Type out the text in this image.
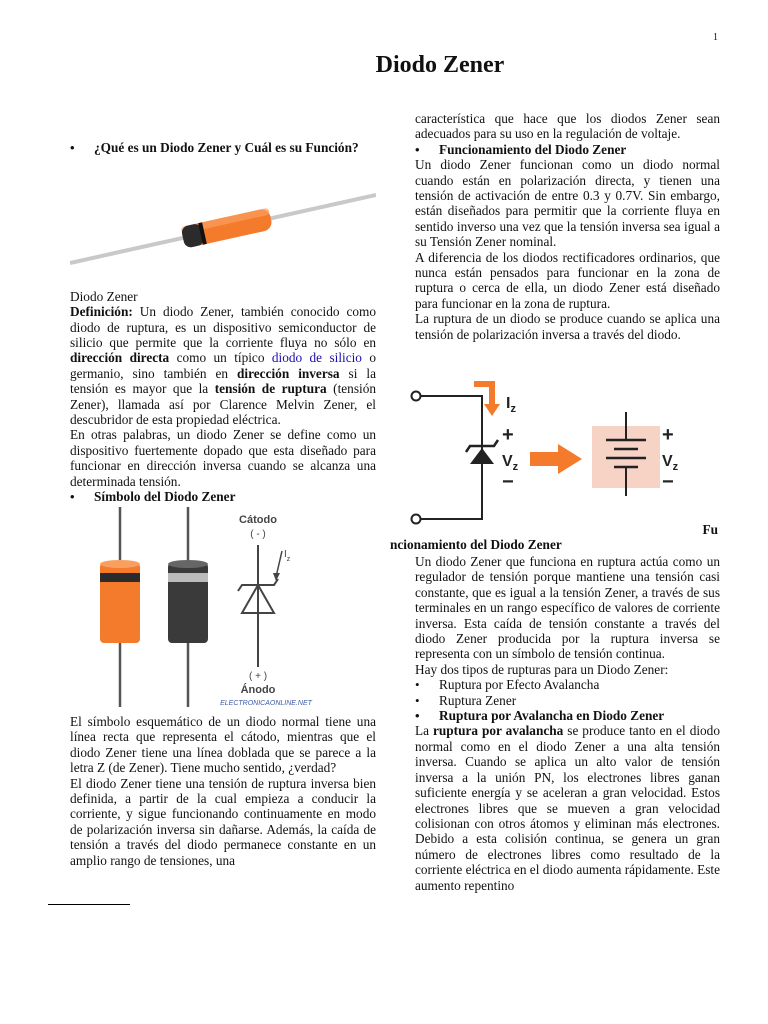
1
Diodo Zener
• ¿Qué es un Diodo Zener y Cuál es su Función?

Diodo Zener

Definición: Un diodo Zener, también conocido como diodo de ruptura, es un dispositivo semiconductor de silicio que permite que la corriente fluya no sólo en dirección directa como un típico diodo de silicio o germanio, sino también en dirección inversa si la tensión es mayor que la tensión de ruptura (tensión Zener), llamada así por Clarence Melvin Zener, el descubridor de esta propiedad eléctrica.

En otras palabras, un diodo Zener se define como un dispositivo fuertemente dopado que esta diseñado para funcionar en dirección inversa cuando se alcanza una determinada tensión.

• Símbolo del Diodo Zener
Cátodo
( - )
$I_z$
( + )
Ánodo
ELECTRONICAONLINE.NET

El símbolo esquemático de un diodo normal tiene una línea recta que representa el cátodo, mientras que el diodo Zener tiene una línea doblada que se parece a la letra Z (de Zener). Tiene mucho sentido, ¿verdad?

El diodo Zener tiene una tensión de ruptura inversa bien definida, a partir de la cual empieza a conducir la corriente, y sigue funcionando continuamente en modo de polarización inversa sin dañarse. Además, la caída de tensión a través del diodo permanece constante en un amplio rango de tensiones, una

característica que hace que los diodos Zener sean adecuados para su uso en la regulación de voltaje.

• Funcionamiento del Diodo Zener

Un diodo Zener funcionan como un diodo normal cuando están en polarización directa, y tienen una tensión de activación de entre 0.3 y 0.7V. Sin embargo, están diseñados para permitir que la corriente fluya en sentido inverso una vez que la tensión inversa sea igual a su Tensión Zener nominal.

A diferencia de los diodos rectificadores ordinarios, que nunca están pensados para funcionar en la zona de ruptura o cerca de ella, un diodo Zener está diseñado para funcionar en la zona de ruptura.

La ruptura de un diodo se produce cuando se aplica una tensión de polarización inversa a través del diodo.

$I_z$
+
$V_z$
−
+
$V_z$
−
Fu
ncionamiento del Diodo Zener

Un diodo Zener que funciona en ruptura actúa como un regulador de tensión porque mantiene una tensión casi constante, que es igual a la tensión Zener, a través de sus terminales en un rango específico de valores de corriente inversa. Esta caída de tensión constante a través del diodo Zener producida por la ruptura inversa se representa con un símbolo de tensión continua.

Hay dos tipos de rupturas para un Diodo Zener:

• Ruptura por Efecto Avalancha
• Ruptura Zener
• Ruptura por Avalancha en Diodo Zener

La ruptura por avalancha se produce tanto en el diodo normal como en el diodo Zener a una alta tensión inversa. Cuando se aplica un alto valor de tensión inversa a la unión PN, los electrones libres ganan suficiente energía y se aceleran a gran velocidad. Estos electrones libres que se mueven a gran velocidad colisionan con otros átomos y eliminan más electrones. Debido a esta colisión continua, se genera un gran número de electrones libres como resultado de la corriente eléctrica en el diodo aumenta rápidamente. Este aumento repentino
